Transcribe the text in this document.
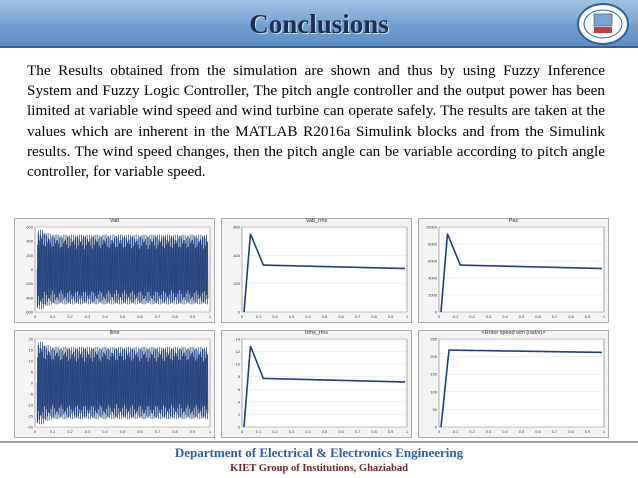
Conclusions
The Results obtained from the simulation are shown and thus by using Fuzzy Inference System and Fuzzy Logic Controller, The pitch angle controller and the output power has been limited at variable wind speed and wind turbine can operate safely. The results are taken at the values which are inherent in the MATLAB R2016a Simulink blocks and from the Simulink results. The wind speed changes, then the pitch angle can be variable according to pitch angle controller, for variable speed.
Vab
600
400
200
0
-200
-400
-600
0	0.1	0.2	0.3	0.4	0.5	0.6	0.7	0.8	0.9	1
Vab_rms
800
400
200
0
0	0.1	0.2	0.3	0.4	0.5	0.6	0.7	0.8	0.9	1
Pac
10000
8000
6000
4000
2000
0
0	0.1	0.2	0.3	0.4	0.5	0.6	0.7	0.8	0.9	1
Iline
20
15
10
5
0
-5
-10
-15
-20
0	0.1	0.2	0.3	0.4	0.5	0.6	0.7	0.8	0.9	1
Irms_rms
14
12
10
8
6
4
2
0
0	0.1	0.2	0.3	0.4	0.5	0.6	0.7	0.8	0.9	1
<Rotor speed wm (rad/s)>
250
200
150
100
50
0
0	0.1	0.2	0.3	0.4	0.5	0.6	0.7	0.8	0.9	1
Department of Electrical & Electronics Engineering
KIET Group of Institutions, Ghaziabad
